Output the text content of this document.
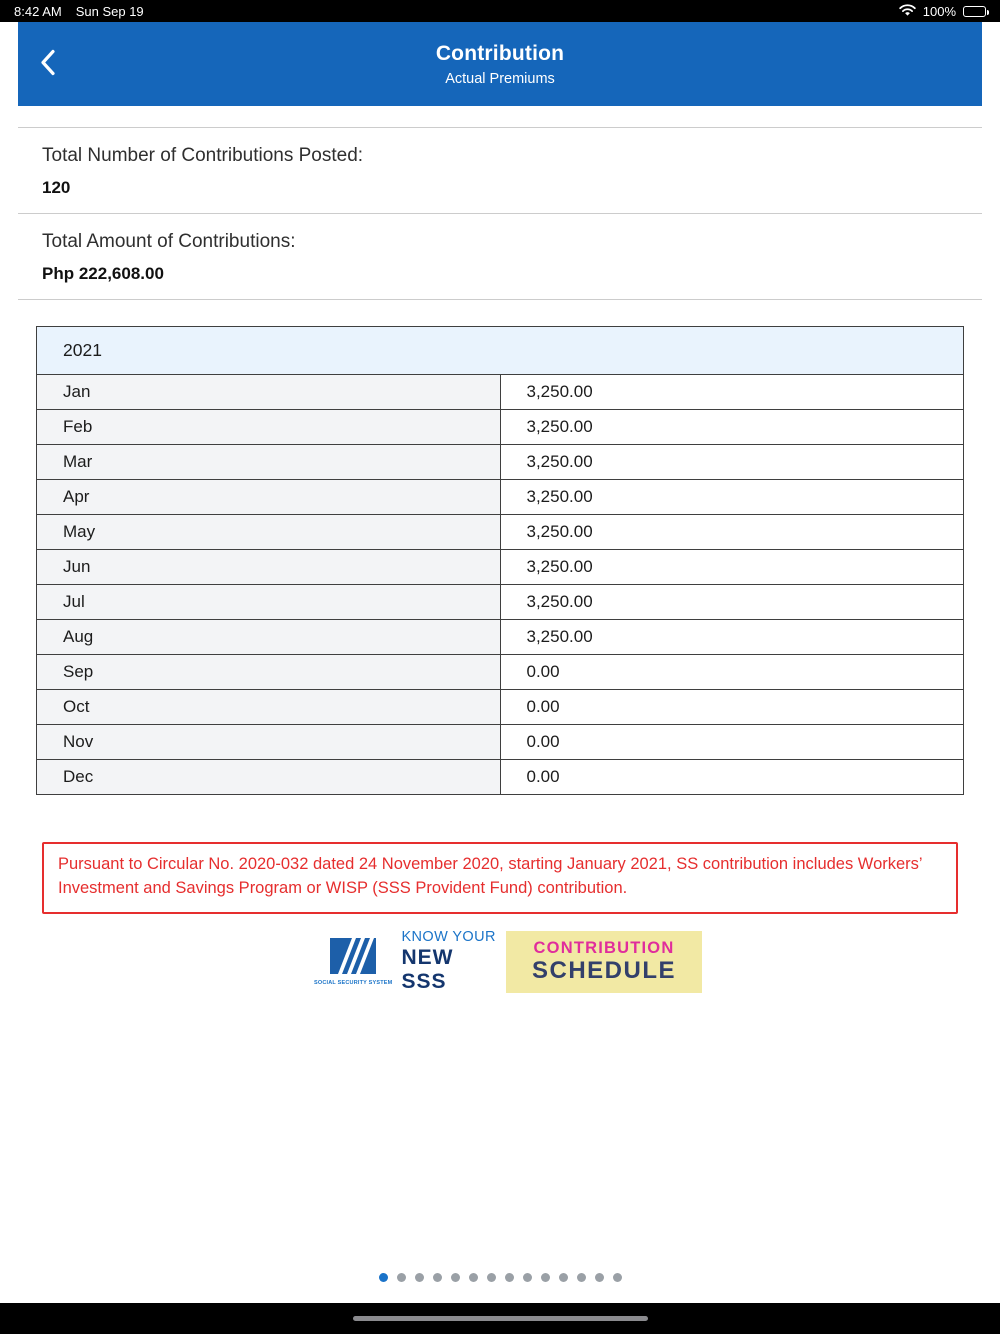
8:42 AM Sun Sep 19	100%
Contribution
Actual Premiums
Total Number of Contributions Posted:
120
Total Amount of Contributions:
Php 222,608.00
2021	
Jan	3,250.00
Feb	3,250.00
Mar	3,250.00
Apr	3,250.00
May	3,250.00
Jun	3,250.00
Jul	3,250.00
Aug	3,250.00
Sep	0.00
Oct	0.00
Nov	0.00
Dec	0.00
Pursuant to Circular No. 2020-032 dated 24 November 2020, starting January 2021, SS contribution includes Workers’ Investment and Savings Program or WISP (SSS Provident Fund) contribution.
SOCIAL SECURITY SYSTEM
KNOW YOUR
NEW SSS
CONTRIBUTION
SCHEDULE
